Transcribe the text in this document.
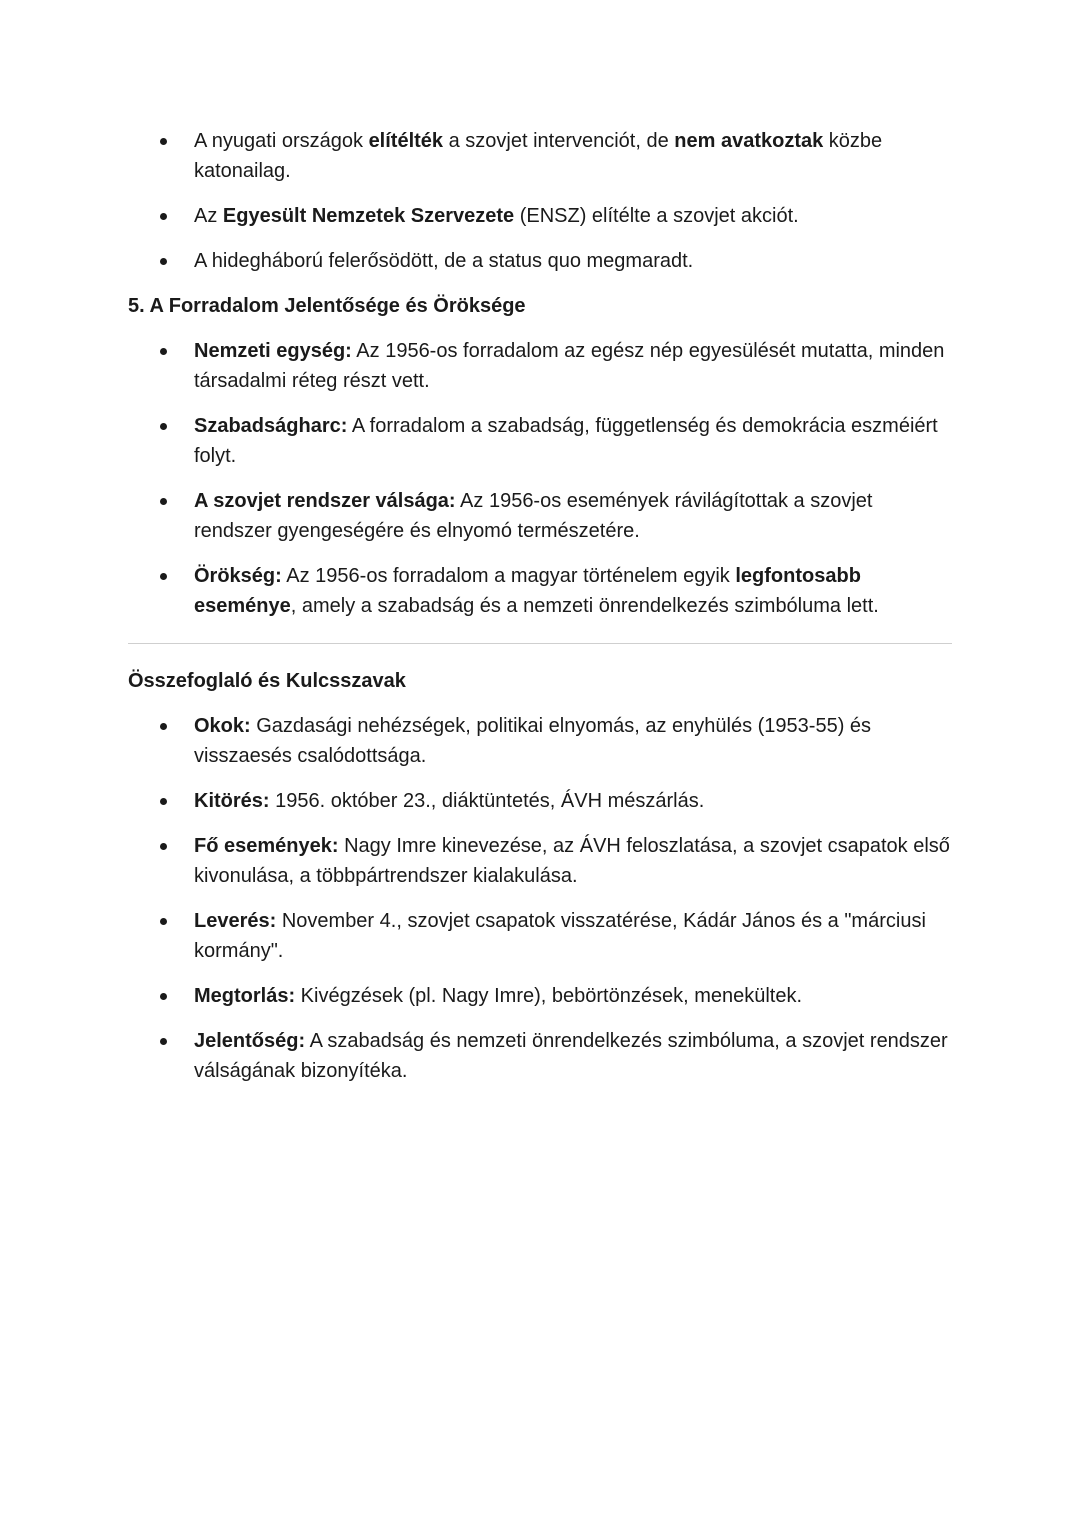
A nyugati országok elítélték a szovjet intervenciót, de nem avatkoztak közbe katonailag.
Az Egyesült Nemzetek Szervezete (ENSZ) elítélte a szovjet akciót.
A hidegháború felerősödött, de a status quo megmaradt.
5. A Forradalom Jelentősége és Öröksége
Nemzeti egység: Az 1956-os forradalom az egész nép egyesülését mutatta, minden társadalmi réteg részt vett.
Szabadságharc: A forradalom a szabadság, függetlenség és demokrácia eszméiért folyt.
A szovjet rendszer válsága: Az 1956-os események rávilágítottak a szovjet rendszer gyengeségére és elnyomó természetére.
Örökség: Az 1956-os forradalom a magyar történelem egyik legfontosabb eseménye, amely a szabadság és a nemzeti önrendelkezés szimbóluma lett.
Összefoglaló és Kulcsszavak
Okok: Gazdasági nehézségek, politikai elnyomás, az enyhülés (1953-55) és visszaesés csalódottsága.
Kitörés: 1956. október 23., diáktüntetés, ÁVH mészárlás.
Fő események: Nagy Imre kinevezése, az ÁVH feloszlatása, a szovjet csapatok első kivonulása, a többpártrendszer kialakulása.
Leverés: November 4., szovjet csapatok visszatérése, Kádár János és a "márciusi kormány".
Megtorlás: Kivégzések (pl. Nagy Imre), bebörtönzések, menekültek.
Jelentőség: A szabadság és nemzeti önrendelkezés szimbóluma, a szovjet rendszer válságának bizonyítéka.
